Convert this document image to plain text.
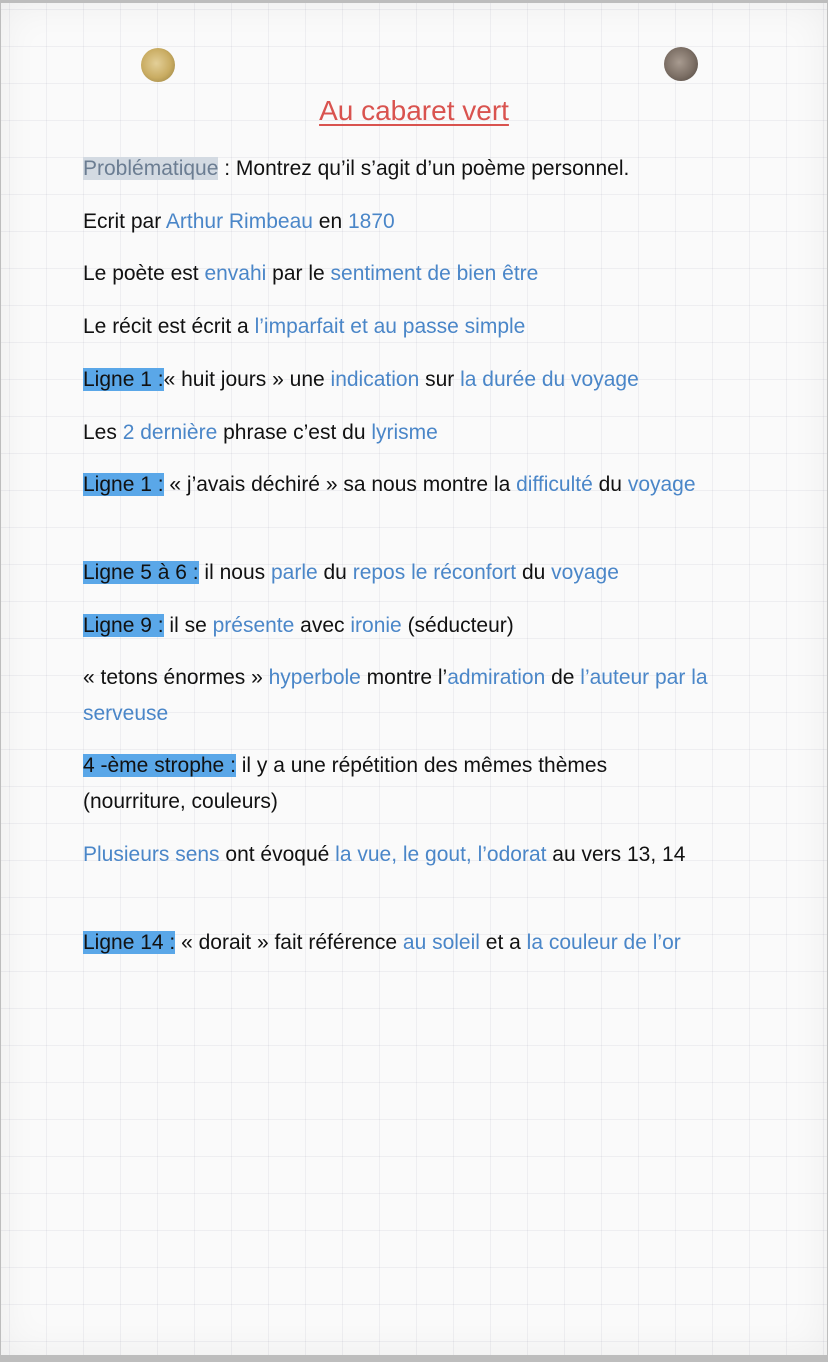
Au cabaret vert

Problématique : Montrez qu’il s’agit d’un poème personnel.

Ecrit par Arthur Rimbeau en 1870

Le poète est envahi par le sentiment de bien être

Le récit est écrit a l’imparfait et au passe simple

Ligne 1 :« huit jours » une indication sur la durée du voyage

Les 2 dernière phrase c’est du lyrisme

Ligne 1 : « j’avais déchiré » sa nous montre la difficulté du voyage

Ligne 5 à 6 : il nous parle du repos le réconfort du voyage

Ligne 9 : il se présente avec ironie (séducteur)

« tetons énormes » hyperbole montre l’admiration de l’auteur par la serveuse

4 -ème strophe : il y a une répétition des mêmes thèmes (nourriture, couleurs)

Plusieurs sens ont évoqué la vue, le gout, l’odorat au vers 13, 14

Ligne 14 : « dorait » fait référence au soleil et a la couleur de l’or
